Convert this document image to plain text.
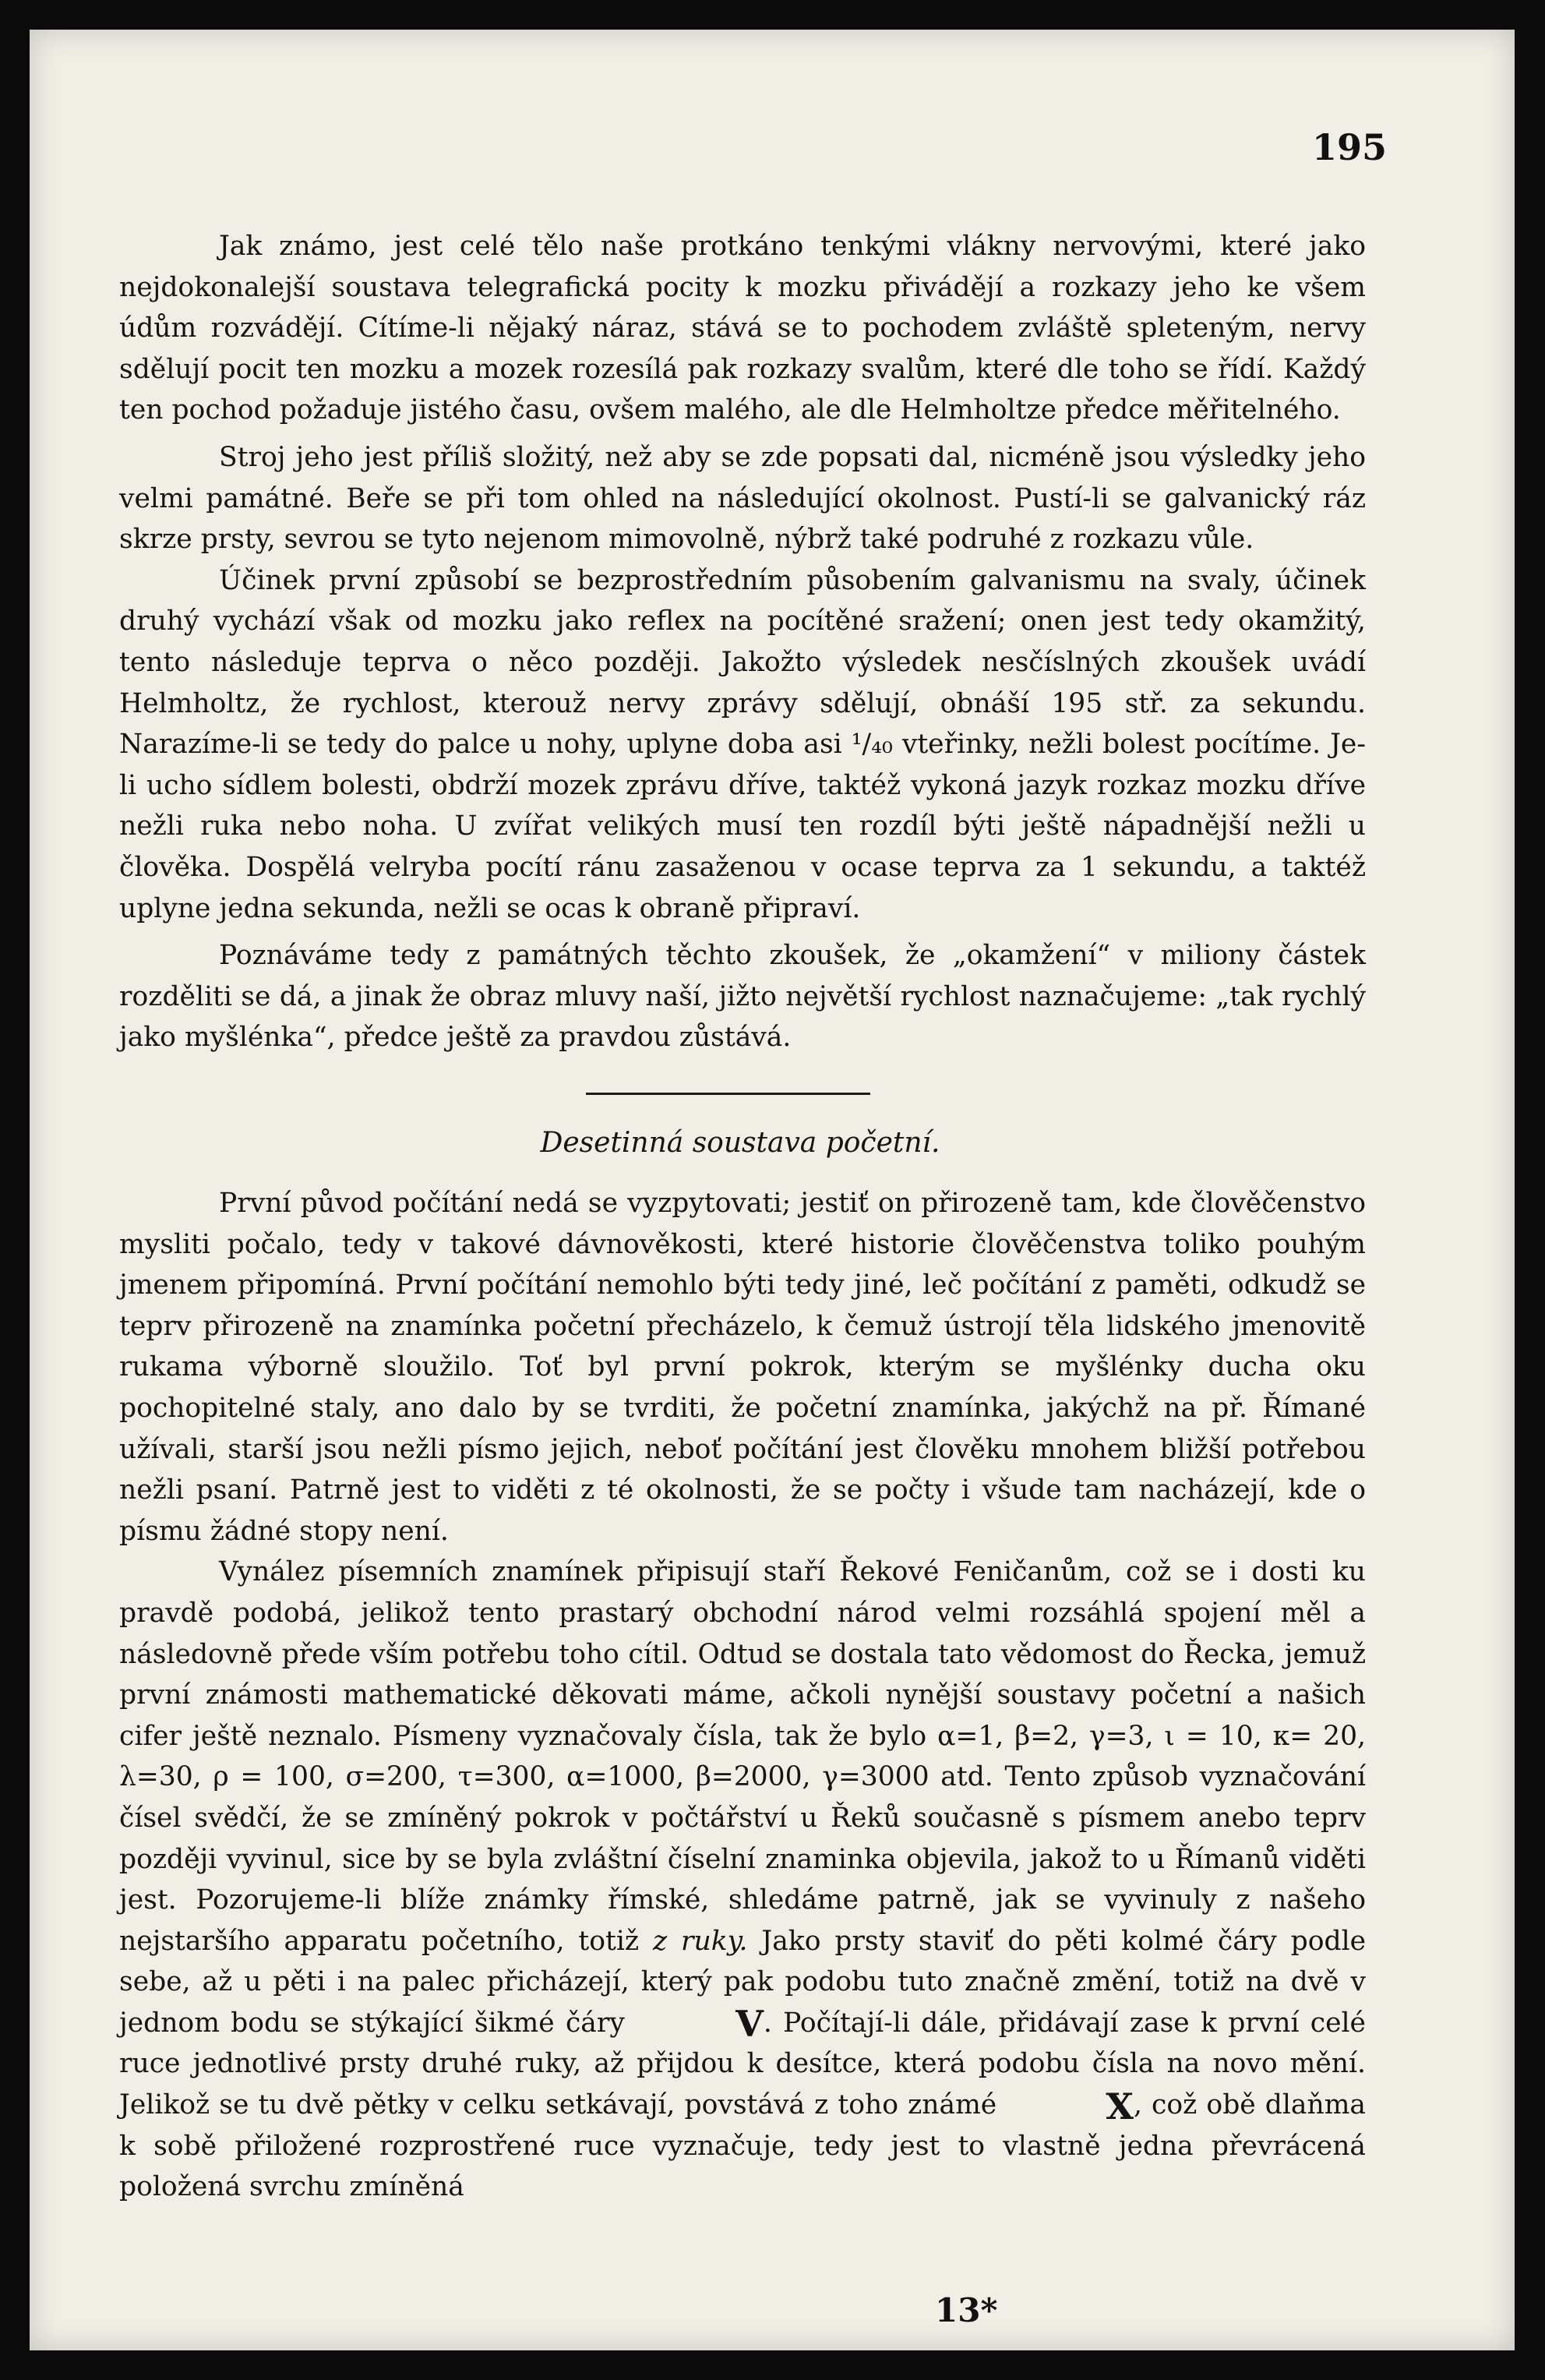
195

Jak známo, jest celé tělo naše protkáno tenkými vlákny nervovými, které jako nejdokonalejší soustava telegrafická pocity k mozku přivádějí a rozkazy jeho ke všem údům rozvádějí. Cítíme-li nějaký náraz, stává se to pochodem zvláště spleteným, nervy sdělují pocit ten mozku a mozek rozesílá pak rozkazy svalům, které dle toho se řídí. Každý ten pochod požaduje jistého času, ovšem malého, ale dle Helmholtze předce měřitelného.

Stroj jeho jest příliš složitý, než aby se zde popsati dal, nicméně jsou výsledky jeho velmi památné. Beře se při tom ohled na následující okolnost. Pustí-li se galvanický ráz skrze prsty, sevrou se tyto nejenom mimovolně, nýbrž také podruhé z rozkazu vůle.

Účinek první způsobí se bezprostředním působením galvanismu na svaly, účinek druhý vychází však od mozku jako reflex na pocítěné sražení; onen jest tedy okamžitý, tento následuje teprva o něco později. Jakožto výsledek nesčíslných zkoušek uvádí Helmholtz, že rychlost, kterouž nervy zprávy sdělují, obnáší 195 stř. za sekundu. Narazíme-li se tedy do palce u nohy, uplyne doba asi ¹/₄₀ vteřinky, nežli bolest pocítíme. Je-li ucho sídlem bolesti, obdrží mozek zprávu dříve, taktéž vykoná jazyk rozkaz mozku dříve nežli ruka nebo noha. U zvířat velikých musí ten rozdíl býti ještě nápadnější nežli u člověka. Dospělá velryba pocítí ránu zasaženou v ocase teprva za 1 sekundu, a taktéž uplyne jedna sekunda, nežli se ocas k obraně připraví.

Poznáváme tedy z památných těchto zkoušek, že „okamžení“ v miliony částek rozděliti se dá, a jinak že obraz mluvy naší, jižto největší rychlost naznačujeme: „tak rychlý jako myšlénka“, předce ještě za pravdou zůstává.

Desetinná soustava početní.

První původ počítání nedá se vyzpytovati; jestiť on přirozeně tam, kde člověčenstvo mysliti počalo, tedy v takové dávnověkosti, které historie člověčenstva toliko pouhým jmenem připomíná. První počítání nemohlo býti tedy jiné, leč počítání z paměti, odkudž se teprv přirozeně na znamínka početní přecházelo, k čemuž ústrojí těla lidského jmenovitě rukama výborně sloužilo. Toť byl první pokrok, kterým se myšlénky ducha oku pochopitelné staly, ano dalo by se tvrditi, že početní znamínka, jakýchž na př. Římané užívali, starší jsou nežli písmo jejich, neboť počítání jest člověku mnohem bližší potřebou nežli psaní. Patrně jest to viděti z té okolnosti, že se počty i všude tam nacházejí, kde o písmu žádné stopy není.

Vynález písemních znamínek připisují staří Řekové Feničanům, což se i dosti ku pravdě podobá, jelikož tento prastarý obchodní národ velmi rozsáhlá spojení měl a následovně přede vším potřebu toho cítil. Odtud se dostala tato vědomost do Řecka, jemuž první známosti mathematické děkovati máme, ačkoli nynější soustavy početní a našich cifer ještě neznalo. Písmeny vyznačovaly čísla, tak že bylo α=1, β=2, γ=3, ι = 10, κ= 20, λ=30, ρ = 100, σ=200, τ=300, α=1000, β=2000, γ=3000 atd. Tento způsob vyznačování čísel svědčí, že se zmíněný pokrok v počtářství u Řeků současně s písmem anebo teprv později vyvinul, sice by se byla zvláštní číselní znaminka objevila, jakož to u Římanů viděti jest. Pozorujeme-li blíže známky římské, shledáme patrně, jak se vyvinuly z našeho nejstaršího apparatu početního, totiž z ruky. Jako prsty staviť do pěti kolmé čáry podle sebe, až u pěti i na palec přicházejí, který pak podobu tuto značně změní, totiž na dvě v jednom bodu se stýkající šikmé čáry	V. Počítají-li dále, přidávají zase k první celé ruce jednotlivé prsty druhé ruky, až přijdou k desítce, která podobu čísla na novo mění. Jelikož se tu dvě pětky v celku setkávají, povstává z toho známé	X, což obě dlaňma k sobě přiložené rozprostřené ruce vyznačuje, tedy jest to vlastně jedna převrácená položená svrchu zmíněná

13*
